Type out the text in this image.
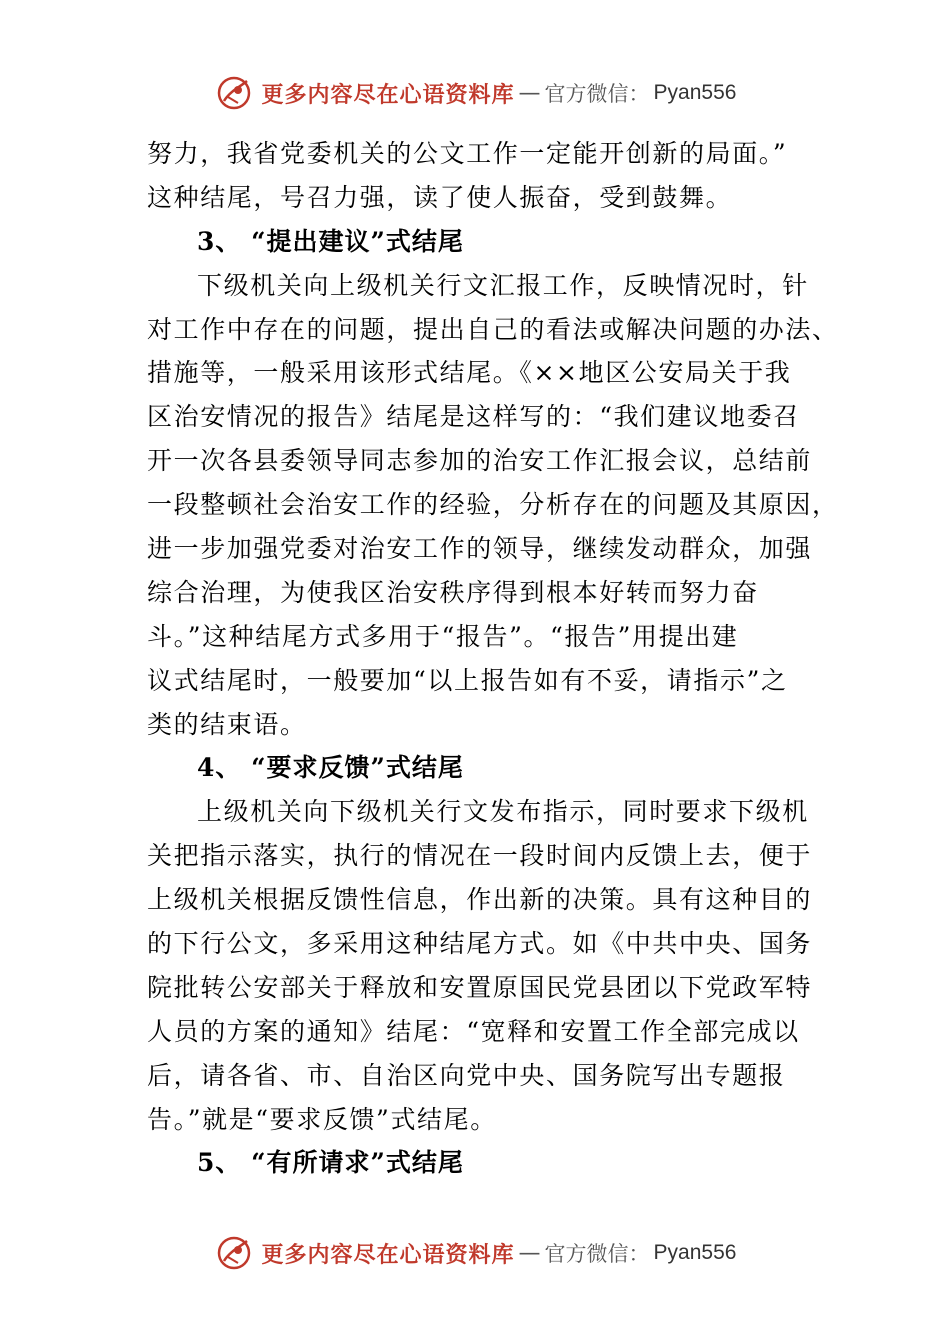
更多内容尽在心语资料库 — 官方微信： Pyan556
努力，我省党委机关的公文工作一定能开创新的局面。”
这种结尾，号召力强，读了使人振奋，受到鼓舞。
3、 “提出建议”式结尾
下级机关向上级机关行文汇报工作，反映情况时，针
对工作中存在的问题，提出自己的看法或解决问题的办法、
措施等，一般采用该形式结尾。《××地区公安局关于我
区治安情况的报告》结尾是这样写的：“我们建议地委召
开一次各县委领导同志参加的治安工作汇报会议，总结前
一段整顿社会治安工作的经验，分析存在的问题及其原因，
进一步加强党委对治安工作的领导，继续发动群众，加强
综合治理，为使我区治安秩序得到根本好转而努力奋
斗。”这种结尾方式多用于“报告”。“报告”用提出建
议式结尾时，一般要加“以上报告如有不妥，请指示”之
类的结束语。
4、 “要求反馈”式结尾
上级机关向下级机关行文发布指示，同时要求下级机
关把指示落实，执行的情况在一段时间内反馈上去，便于
上级机关根据反馈性信息，作出新的决策。具有这种目的
的下行公文，多采用这种结尾方式。如《中共中央、国务
院批转公安部关于释放和安置原国民党县团以下党政军特
人员的方案的通知》结尾：“宽释和安置工作全部完成以
后，请各省、市、自治区向党中央、国务院写出专题报
告。”就是“要求反馈”式结尾。
5、 “有所请求”式结尾
更多内容尽在心语资料库 — 官方微信： Pyan556
